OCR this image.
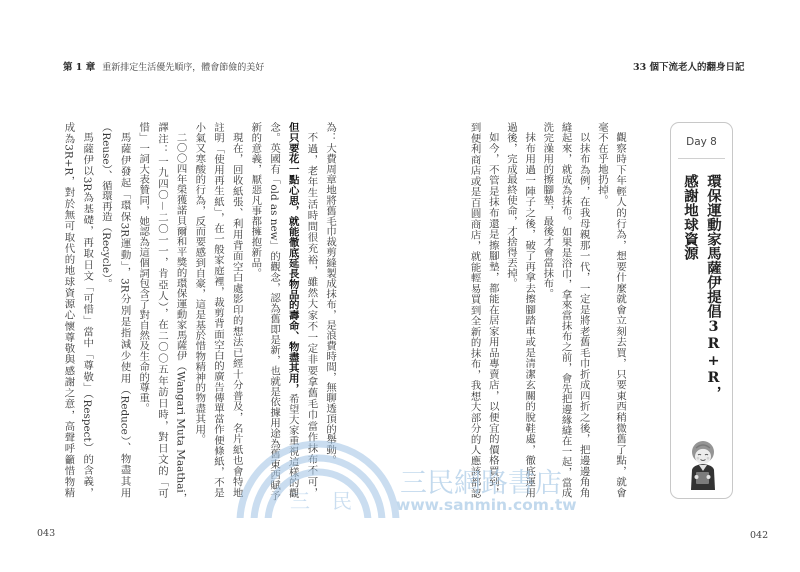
第 1 章 重新排定生活優先順序，體會節儉的美好	33 個下流老人的翻身日記
為：大費周章地將舊毛巾裁剪縫製成抹布，是浪費時間，無聊透頂的舉動。
不過，老年生活時間很充裕，雖然大家不一定非要拿舊毛巾當作抹布不可，
但只要花一點心思，就能徹底延長物品的壽命、物盡其用，希望大家重視這樣的觀
念。英國有「old as new」的觀念，認為舊即是新，也就是依據用途為舊東西賦予
新的意義，厭惡凡事都擁抱新品。
現在，回收紙張、利用背面空白處影印的想法已經十分普及，名片紙也會特地
註明「使用再生紙」，在一般家庭裡，裁剪背面空白的廣告傳單當作便條紙，不是
小氣又寒酸的行為，反而要感到自豪，這是基於惜物精神的物盡其用。
二〇〇四年榮獲諾貝爾和平獎的環保運動家馬薩伊（Wangari Muta Maathai，
譯注：一九四〇－二〇一一，肯亞人），在二〇〇五年訪日時，對日文的「可
惜」一詞大表贊同，她認為這個詞包含了對自然及生命的尊重。
馬薩伊發起「環保3R運動」，3R分別是指減少使用（Reduce）、物盡其用
（Reuse）、循環再造（Recycle）。
馬薩伊以3R為基礎，再取日文「可惜」當中「尊敬」（Respect）的含義，
成為3R+R，對於無可取代的地球資源心懷尊敬與感謝之意，高聲呼籲惜物精	觀察時下年輕人的行為，想要什麼就會立刻去買，只要東西稍微舊了點，就會
毫不在乎地扔掉。
以抹布為例，在我母親那一代，一定是將老舊毛巾折成四折之後，把邊邊角角
縫起來，就成為抹布。如果是浴巾，拿來當抹布之前，會先把邊緣縫在一起，當成
洗完澡用的擦腳墊，最後才會當抹布。
抹布用過一陣子之後，破了再拿去擦腳踏車或是清潔玄關的脫鞋處，徹底運用
過後，完成最終使命，才捨得丟掉。
如今，不管是抹布還是擦腳墊，都能在居家用品專賣店，以便宜的價格買到，
到便利商店或是百圓商店，就能輕易買到全新的抹布，我想大部分的人應該都認	Day 8
環保運動家馬薩伊提倡3R+R，
感謝地球資源
043	042
三 民
三民網路書店
www.sanmin.com.tw
